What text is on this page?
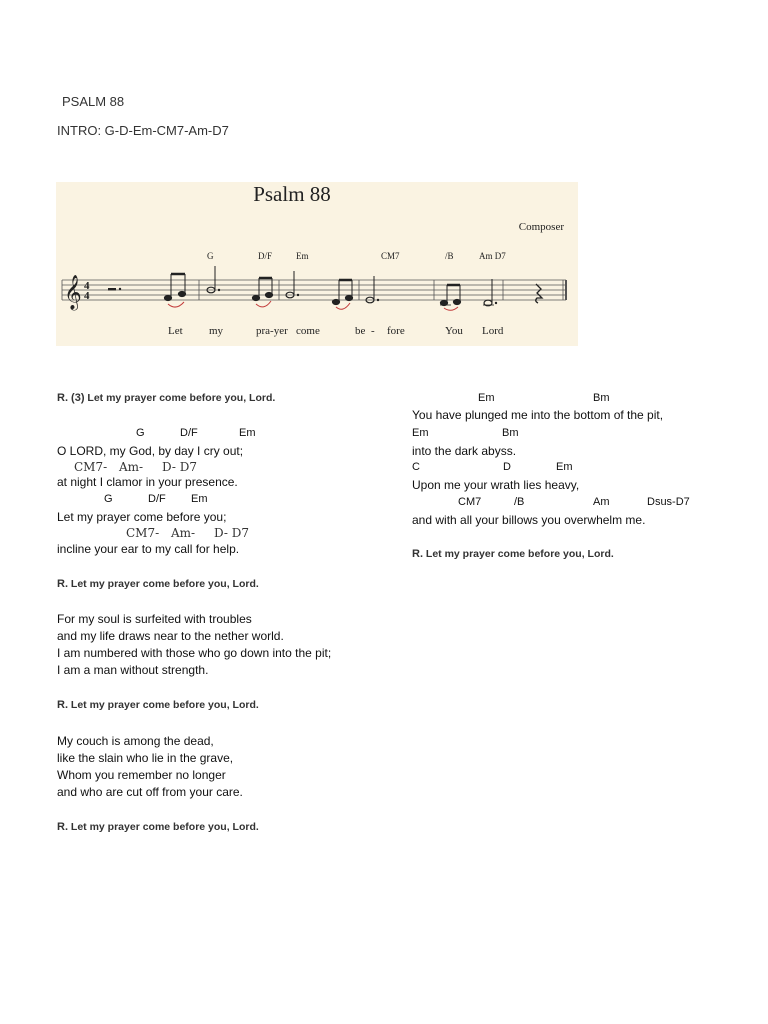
PSALM 88
INTRO: G-D-Em-CM7-Am-D7
Psalm 88
Composer
G	D/F	Em	CM7	/B	Am D7
𝄞 4
4
Let my	pra-yer come	be - fore	You Lord
R. (3) Let my prayer come before you, Lord.
G	D/F	Em
O LORD, my God, by day I cry out;
CM7- Am- D- D7
at night I clamor in your presence.
G	D/F Em
Let my prayer come before you;
CM7- Am- D- D7
incline your ear to my call for help.
R. Let my prayer come before you, Lord.
For my soul is surfeited with troubles
and my life draws near to the nether world.
I am numbered with those who go down into the pit;
I am a man without strength.
R. Let my prayer come before you, Lord.
My couch is among the dead,
like the slain who lie in the grave,
Whom you remember no longer
and who are cut off from your care.
R. Let my prayer come before you, Lord.
Em	Bm
You have plunged me into the bottom of the pit,
Em	Bm
into the dark abyss.
C	D	Em
Upon me your wrath lies heavy,
CM7	/B	Am	Dsus-D7
and with all your billows you overwhelm me.
R. Let my prayer come before you, Lord.
